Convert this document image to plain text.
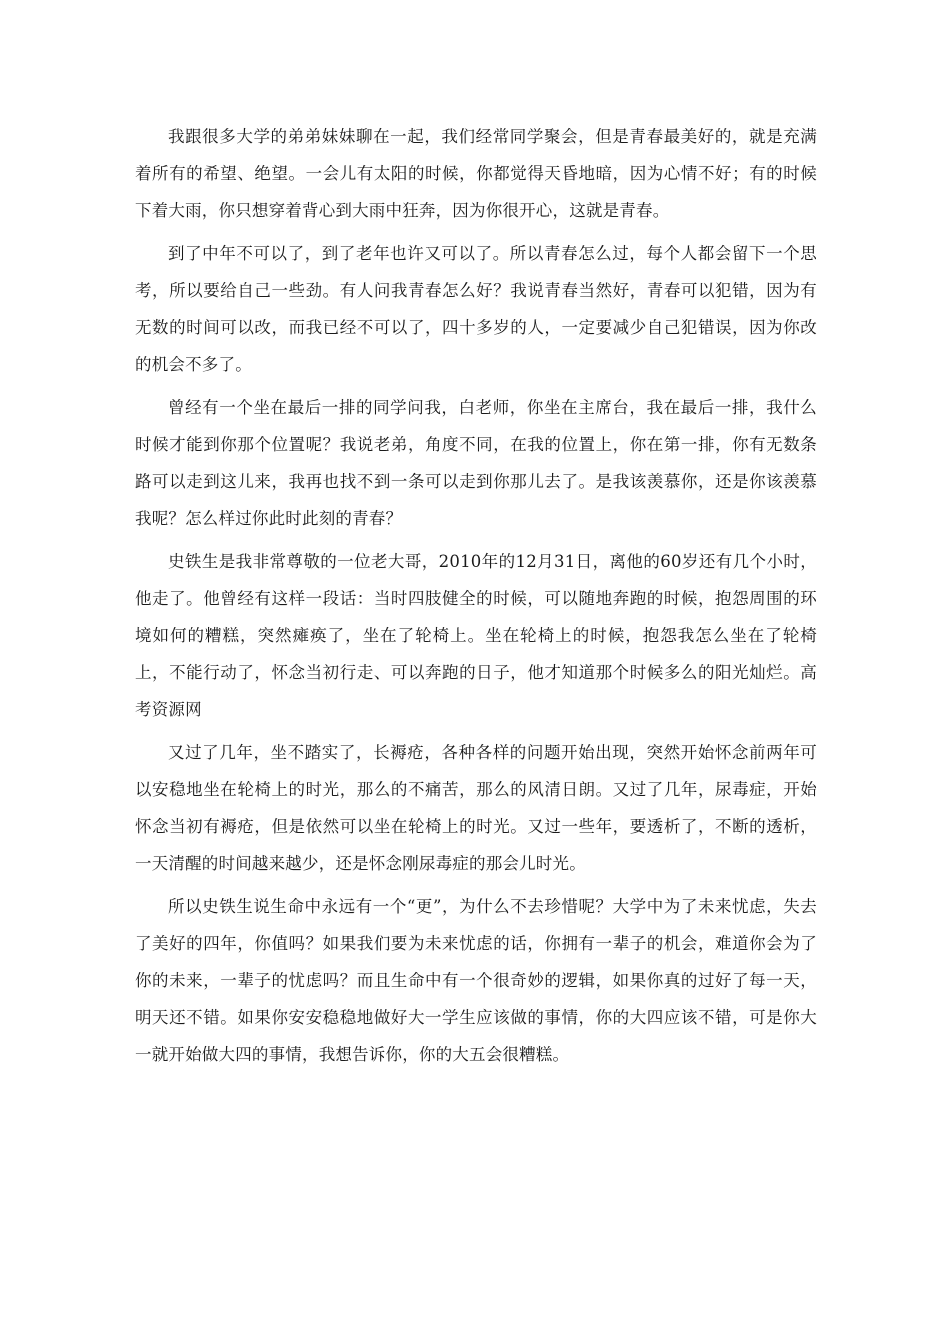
我跟很多大学的弟弟妹妹聊在一起，我们经常同学聚会，但是青春最美好的，就是充满着所有的希望、绝望。一会儿有太阳的时候，你都觉得天昏地暗，因为心情不好；有的时候下着大雨，你只想穿着背心到大雨中狂奔，因为你很开心，这就是青春。

到了中年不可以了，到了老年也许又可以了。所以青春怎么过，每个人都会留下一个思考，所以要给自己一些劲。有人问我青春怎么好？我说青春当然好，青春可以犯错，因为有无数的时间可以改，而我已经不可以了，四十多岁的人，一定要减少自己犯错误，因为你改的机会不多了。

曾经有一个坐在最后一排的同学问我，白老师，你坐在主席台，我在最后一排，我什么时候才能到你那个位置呢？我说老弟，角度不同，在我的位置上，你在第一排，你有无数条路可以走到这儿来，我再也找不到一条可以走到你那儿去了。是我该羡慕你，还是你该羡慕我呢？怎么样过你此时此刻的青春？

史铁生是我非常尊敬的一位老大哥，2010年的12月31日，离他的60岁还有几个小时，他走了。他曾经有这样一段话：当时四肢健全的时候，可以随地奔跑的时候，抱怨周围的环境如何的糟糕，突然瘫痪了，坐在了轮椅上。坐在轮椅上的时候，抱怨我怎么坐在了轮椅上，不能行动了，怀念当初行走、可以奔跑的日子，他才知道那个时候多么的阳光灿烂。高考资源网

又过了几年，坐不踏实了，长褥疮，各种各样的问题开始出现，突然开始怀念前两年可以安稳地坐在轮椅上的时光，那么的不痛苦，那么的风清日朗。又过了几年，尿毒症，开始怀念当初有褥疮，但是依然可以坐在轮椅上的时光。又过一些年，要透析了，不断的透析，一天清醒的时间越来越少，还是怀念刚尿毒症的那会儿时光。

所以史铁生说生命中永远有一个“更”，为什么不去珍惜呢？大学中为了未来忧虑，失去了美好的四年，你值吗？如果我们要为未来忧虑的话，你拥有一辈子的机会，难道你会为了你的未来，一辈子的忧虑吗？而且生命中有一个很奇妙的逻辑，如果你真的过好了每一天，明天还不错。如果你安安稳稳地做好大一学生应该做的事情，你的大四应该不错，可是你大一就开始做大四的事情，我想告诉你，你的大五会很糟糕。
